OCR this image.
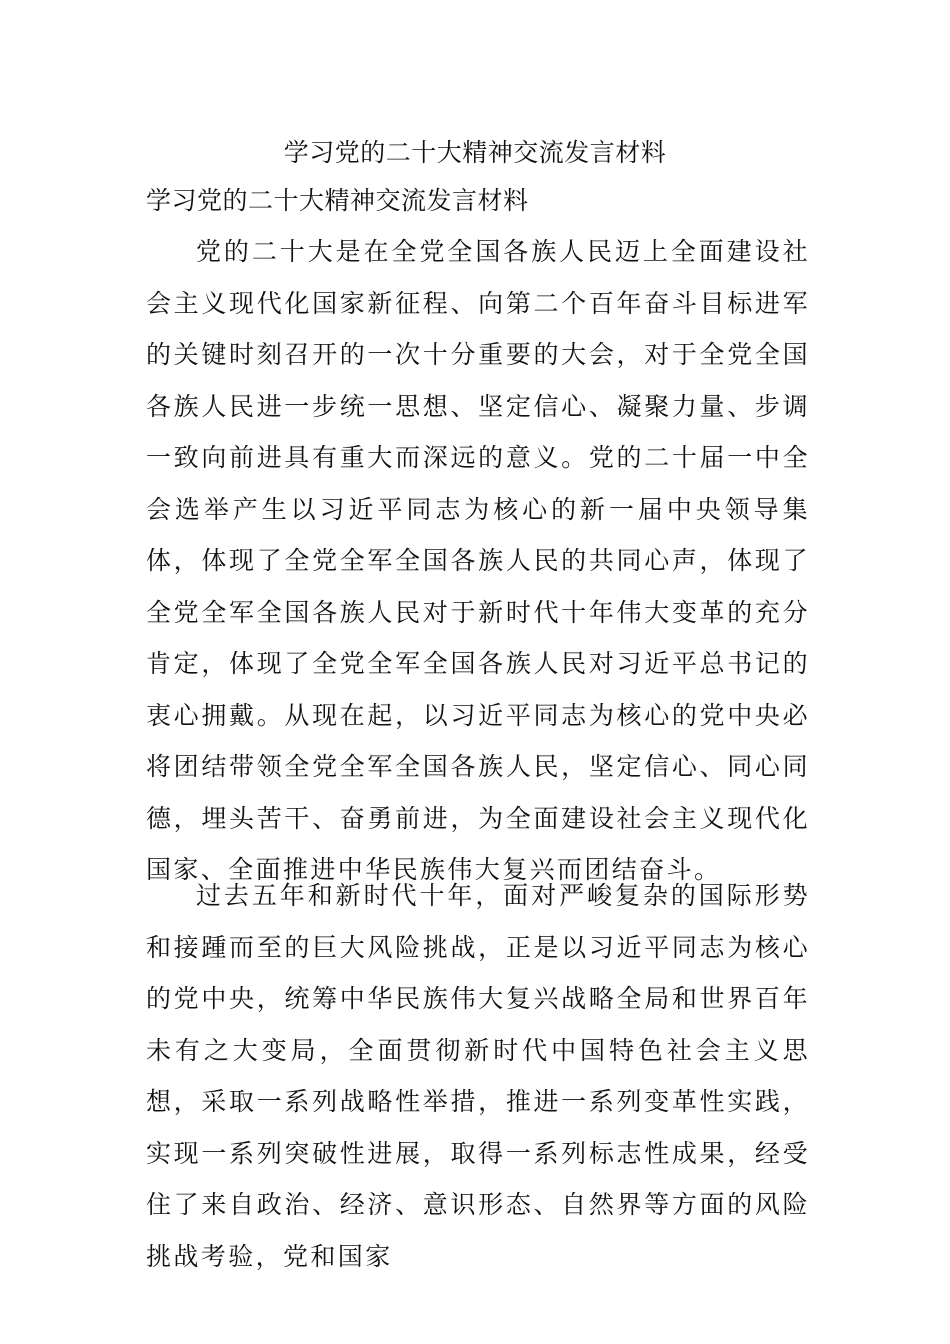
学习党的二十大精神交流发言材料
学习党的二十大精神交流发言材料

党的二十大是在全党全国各族人民迈上全面建设社会主义现代化国家新征程、向第二个百年奋斗目标进军的关键时刻召开的一次十分重要的大会，对于全党全国各族人民进一步统一思想、坚定信心、凝聚力量、步调一致向前进具有重大而深远的意义。党的二十届一中全会选举产生以习近平同志为核心的新一届中央领导集体，体现了全党全军全国各族人民的共同心声，体现了全党全军全国各族人民对于新时代十年伟大变革的充分肯定，体现了全党全军全国各族人民对习近平总书记的衷心拥戴。从现在起，以习近平同志为核心的党中央必将团结带领全党全军全国各族人民，坚定信心、同心同德，埋头苦干、奋勇前进，为全面建设社会主义现代化国家、全面推进中华民族伟大复兴而团结奋斗。

过去五年和新时代十年，面对严峻复杂的国际形势和接踵而至的巨大风险挑战，正是以习近平同志为核心的党中央，统筹中华民族伟大复兴战略全局和世界百年未有之大变局，全面贯彻新时代中国特色社会主义思想，采取一系列战略性举措，推进一系列变革性实践，实现一系列突破性进展，取得一系列标志性成果，经受住了来自政治、经济、意识形态、自然界等方面的风险挑战考验，党和国家
